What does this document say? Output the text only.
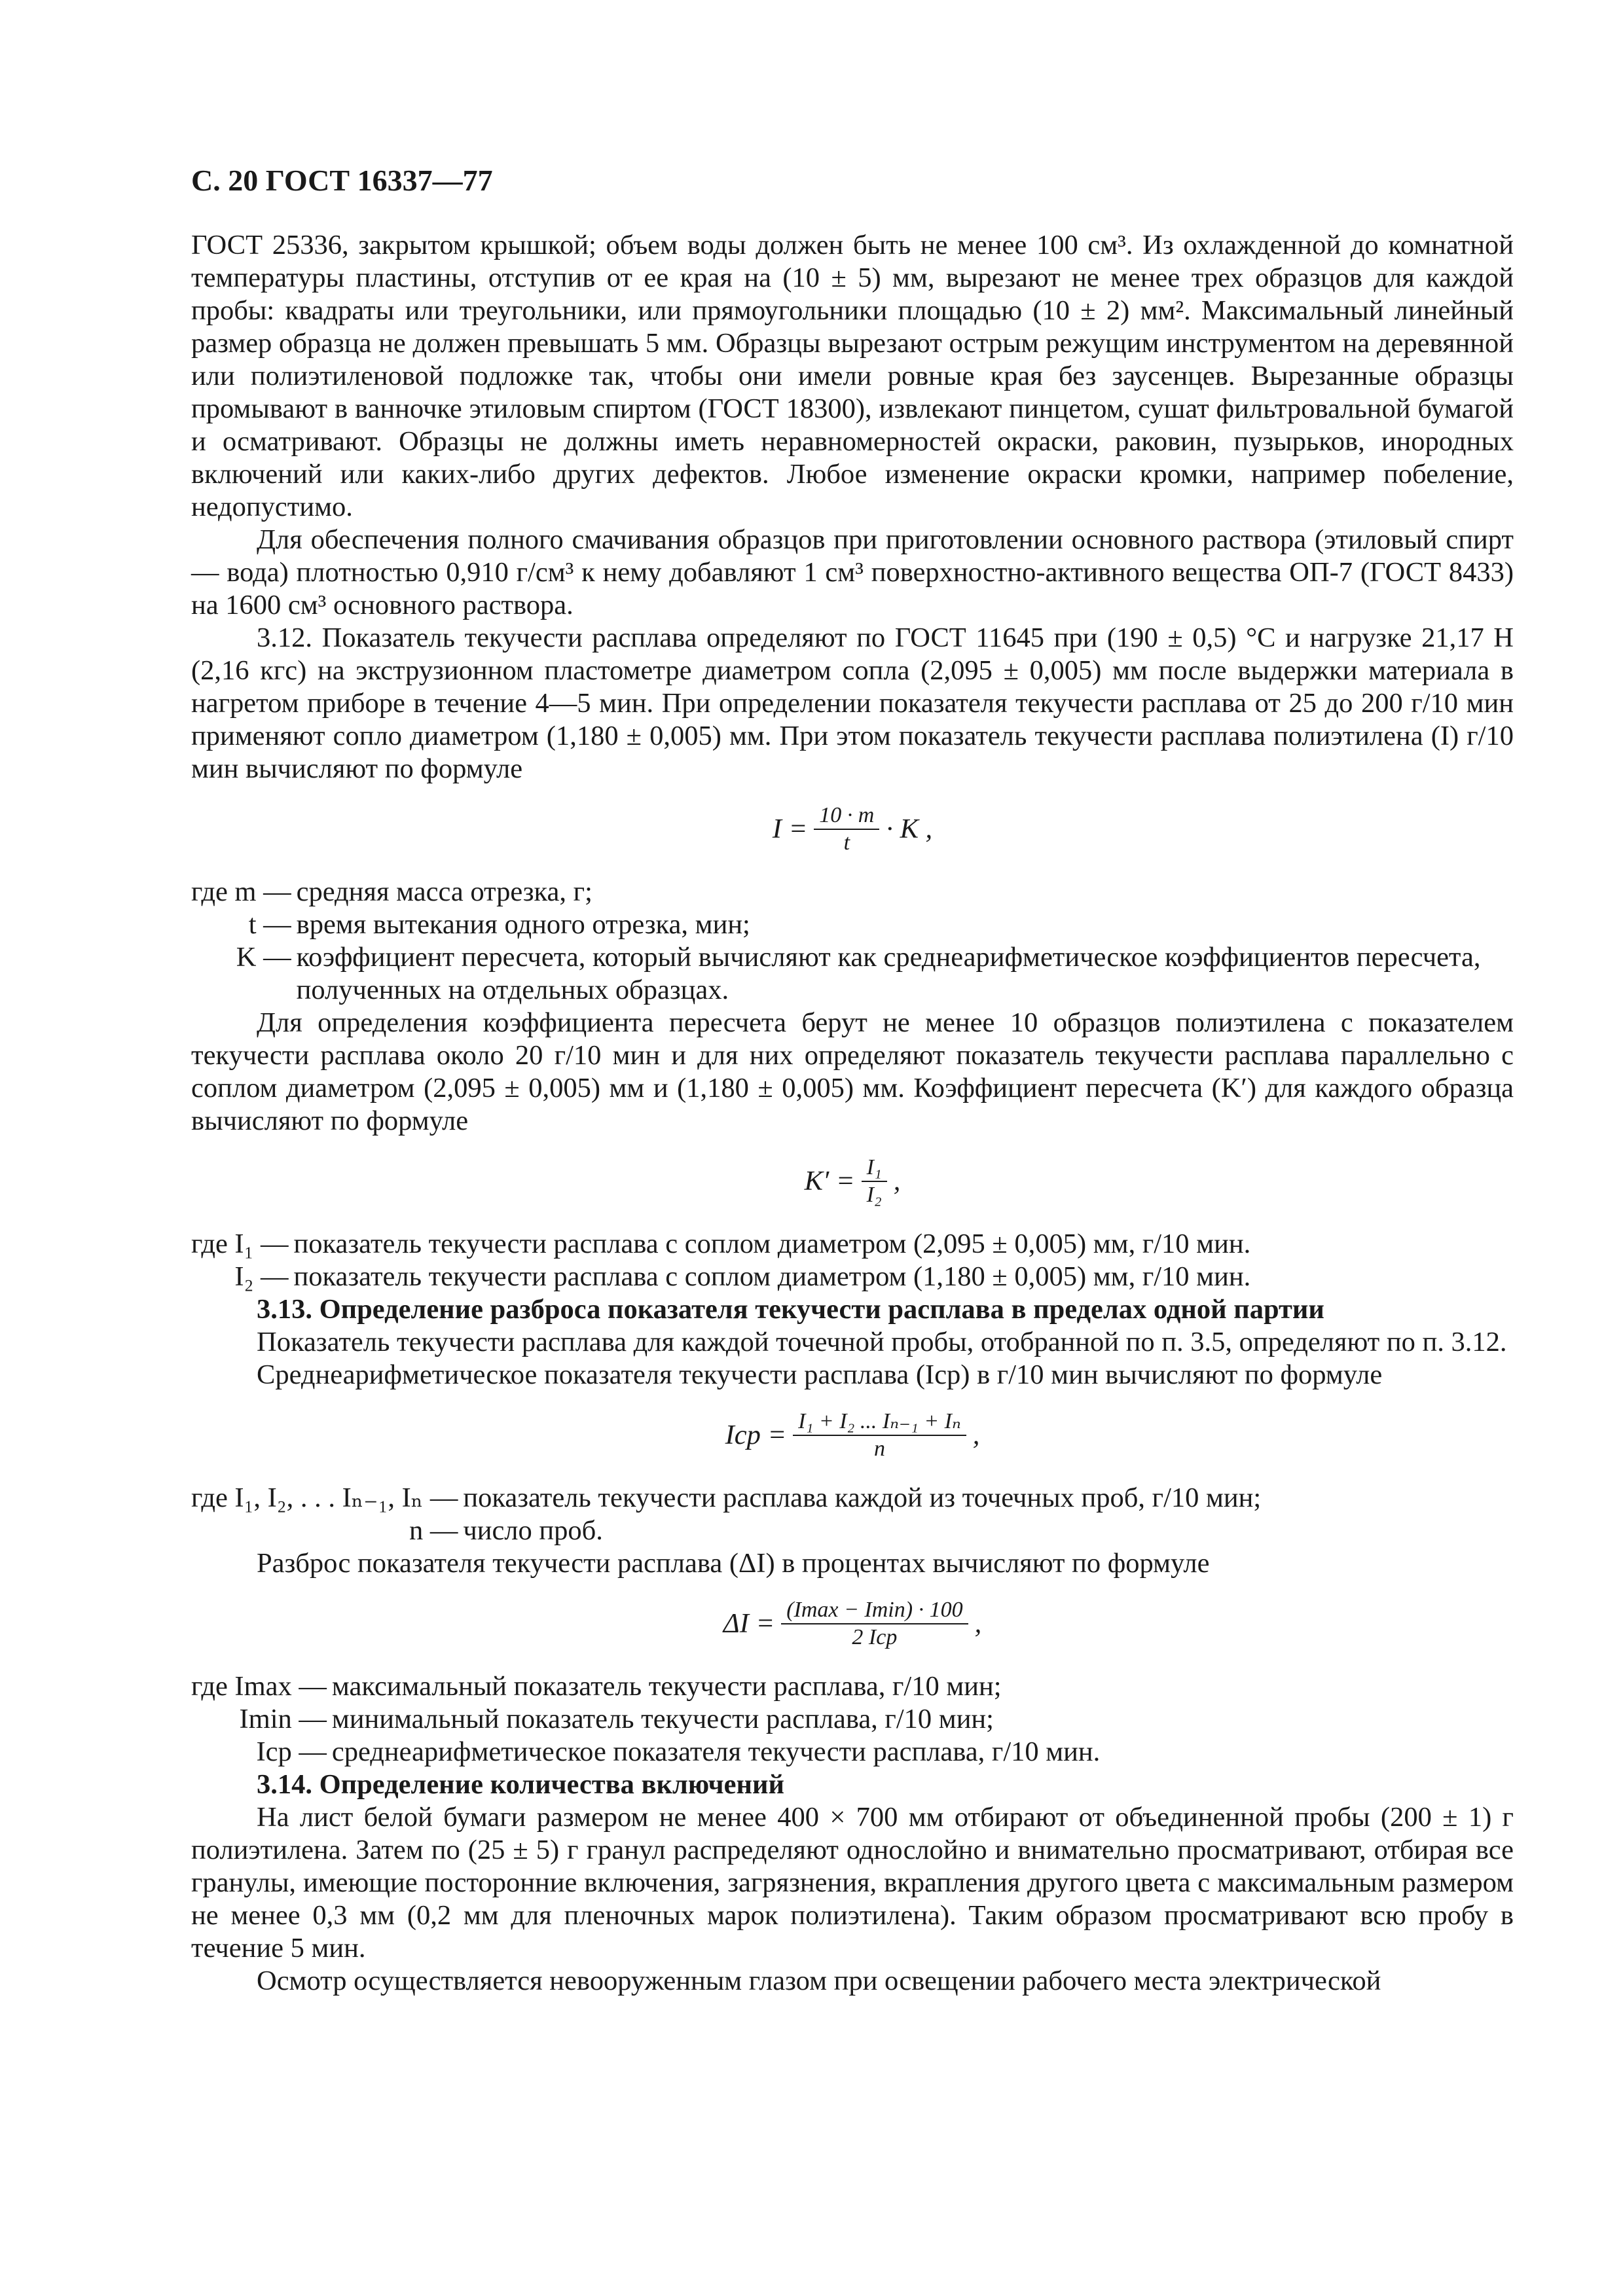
С. 20 ГОСТ 16337—77

ГОСТ 25336, закрытом крышкой; объем воды должен быть не менее 100 см³. Из охлажденной до комнатной температуры пластины, отступив от ее края на (10 ± 5) мм, вырезают не менее трех образцов для каждой пробы: квадраты или треугольники, или прямоугольники площадью (10 ± 2) мм². Максимальный линейный размер образца не должен превышать 5 мм. Образцы вырезают острым режущим инструментом на деревянной или полиэтиленовой подложке так, чтобы они имели ровные края без заусенцев. Вырезанные образцы промывают в ванночке этиловым спиртом (ГОСТ 18300), извлекают пинцетом, сушат фильтровальной бумагой и осматривают. Образцы не должны иметь неравномерностей окраски, раковин, пузырьков, инородных включений или каких-либо других дефектов. Любое изменение окраски кромки, например побеление, недопустимо.

Для обеспечения полного смачивания образцов при приготовлении основного раствора (этиловый спирт — вода) плотностью 0,910 г/см³ к нему добавляют 1 см³ поверхностно-активного вещества ОП-7 (ГОСТ 8433) на 1600 см³ основного раствора.

3.12. Показатель текучести расплава определяют по ГОСТ 11645 при (190 ± 0,5) °С и нагрузке 21,17 Н (2,16 кгс) на экструзионном пластометре диаметром сопла (2,095 ± 0,005) мм после выдержки материала в нагретом приборе в течение 4—5 мин. При определении показателя текучести расплава от 25 до 200 г/10 мин применяют сопло диаметром (1,180 ± 0,005) мм. При этом показатель текучести расплава полиэтилена (I) г/10 мин вычисляют по формуле

$I = \frac{10 \cdot m}{t} \cdot K$ ,
где m — средняя масса отрезка, г;
t — время вытекания одного отрезка, мин;
K — коэффициент пересчета, который вычисляют как среднеарифметическое коэффициентов пересчета, полученных на отдельных образцах.

Для определения коэффициента пересчета берут не менее 10 образцов полиэтилена с показателем текучести расплава около 20 г/10 мин и для них определяют показатель текучести расплава параллельно с соплом диаметром (2,095 ± 0,005) мм и (1,180 ± 0,005) мм. Коэффициент пересчета (K′) для каждого образца вычисляют по формуле

$K' = \frac{\text{I₁}}{\text{I₂}}$ ,
где I₁ — показатель текучести расплава с соплом диаметром (2,095 ± 0,005) мм, г/10 мин.
I₂ — показатель текучести расплава с соплом диаметром (1,180 ± 0,005) мм, г/10 мин.

3.13. Определение разброса показателя текучести расплава в пределах одной партии

Показатель текучести расплава для каждой точечной пробы, отобранной по п. 3.5, определяют по п. 3.12.

Среднеарифметическое показателя текучести расплава (Iср) в г/10 мин вычисляют по формуле

Iср = $\frac{\text{I₁ + I₂ ... Iₙ₋₁ + Iₙ}}{n}$ ,
где I₁, I₂, . . . Iₙ₋₁, Iₙ — показатель текучести расплава каждой из точечных проб, г/10 мин;
n — число проб.

Разброс показателя текучести расплава (ΔI) в процентах вычисляют по формуле

$\Delta I = \frac{(Imax - Imin) \cdot 100}{\text{2 Iср}}$ ,
где Imax — максимальный показатель текучести расплава, г/10 мин;
Imin — минимальный показатель текучести расплава, г/10 мин;
Iср — среднеарифметическое показателя текучести расплава, г/10 мин.

3.14. Определение количества включений

На лист белой бумаги размером не менее 400 × 700 мм отбирают от объединенной пробы (200 ± 1) г полиэтилена. Затем по (25 ± 5) г гранул распределяют однослойно и внимательно просматривают, отбирая все гранулы, имеющие посторонние включения, загрязнения, вкрапления другого цвета с максимальным размером не менее 0,3 мм (0,2 мм для пленочных марок полиэтилена). Таким образом просматривают всю пробу в течение 5 мин.

Осмотр осуществляется невооруженным глазом при освещении рабочего места электрической
